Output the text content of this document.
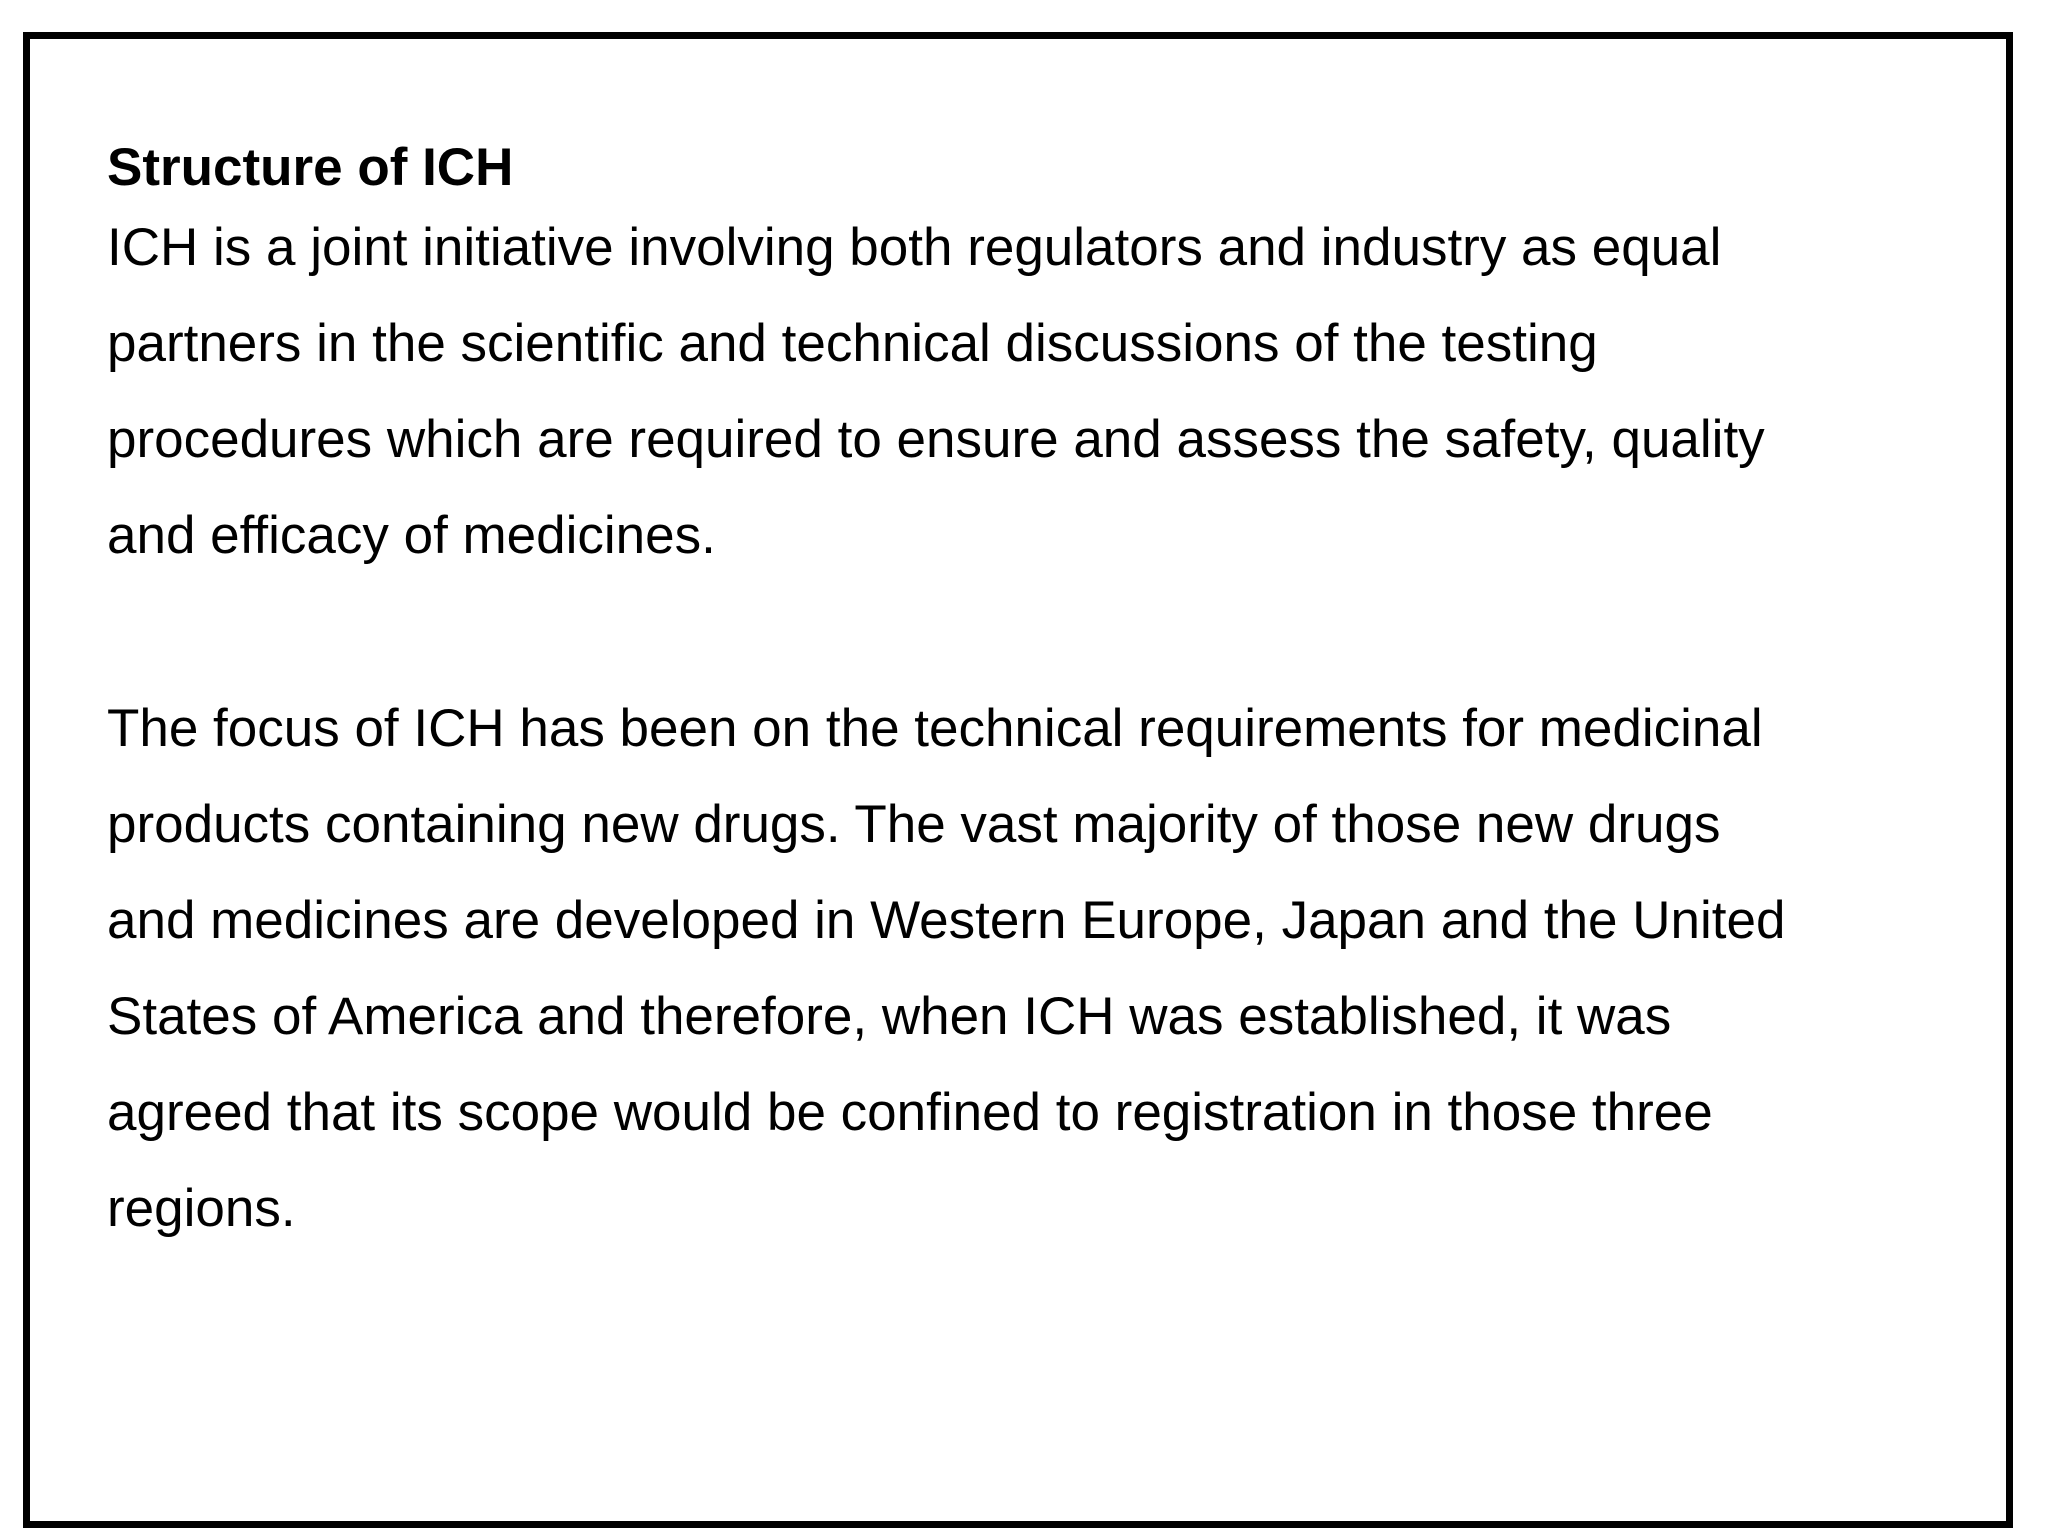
Structure of ICH
ICH is a joint initiative involving both regulators and industry as equal
partners in the scientific and technical discussions of the testing
procedures which are required to ensure and assess the safety, quality
and efficacy of medicines.
The focus of ICH has been on the technical requirements for medicinal
products containing new drugs. The vast majority of those new drugs
and medicines are developed in Western Europe, Japan and the United
States of America and therefore, when ICH was established, it was
agreed that its scope would be confined to registration in those three
regions.
